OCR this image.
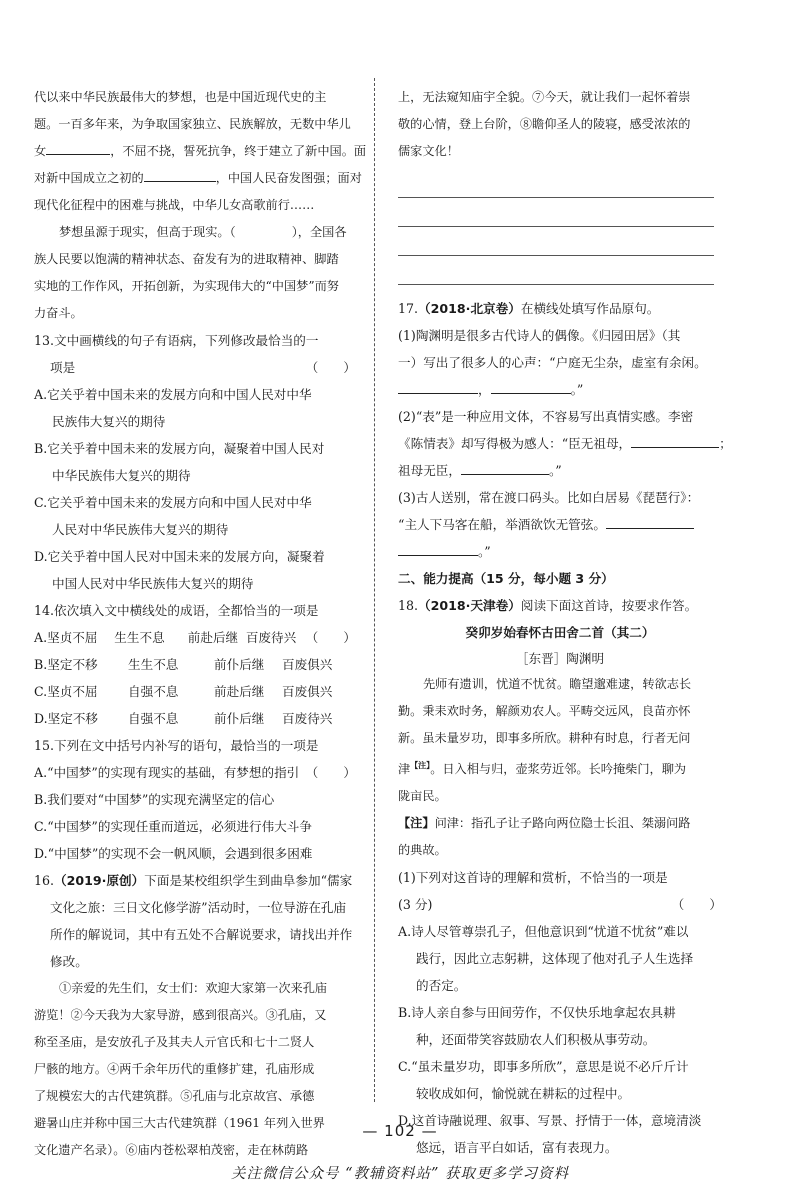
代以来中华民族最伟大的梦想，也是中国近现代史的主

题。一百多年来，为争取国家独立、民族解放，无数中华儿

女	，不屈不挠，誓死抗争，终于建立了新中国。面

对新中国成立之初的	，中国人民奋发图强；面对

现代化征程中的困难与挑战，中华儿女高歌前行……

梦想虽源于现实，但高于现实。（	），全国各

族人民要以饱满的精神状态、奋发有为的进取精神、脚踏

实地的工作作风，开拓创新，为实现伟大的“中国梦”而努

力奋斗。

13.文中画横线的句子有语病，下列修改最恰当的一

项是	（　　）

A.它关乎着中国未来的发展方向和中国人民对中华

民族伟大复兴的期待

B.它关乎着中国未来的发展方向，凝聚着中国人民对

中华民族伟大复兴的期待

C.它关乎着中国未来的发展方向和中国人民对中华

人民对中华民族伟大复兴的期待

D.它关乎着中国人民对中国未来的发展方向，凝聚着

中国人民对中华民族伟大复兴的期待

14.依次填入文中横线处的成语，全都恰当的一项是
（　　）

A.坚贞不屈	生生不息	前赴后继 百废待兴
B.坚定不移	生生不息	前仆后继	百废俱兴
C.坚贞不屈	自强不息	前赴后继	百废俱兴
D.坚定不移	自强不息	前仆后继	百废待兴

15.下列在文中括号内补写的语句，最恰当的一项是
（　　）

A.“中国梦”的实现有现实的基础，有梦想的指引

B.我们要对“中国梦”的实现充满坚定的信心

C.“中国梦”的实现任重而道远，必须进行伟大斗争

D.“中国梦”的实现不会一帆风顺，会遇到很多困难

16.（2019·原创）下面是某校组织学生到曲阜参加“儒家

文化之旅：三日文化修学游”活动时，一位导游在孔庙

所作的解说词，其中有五处不合解说要求，请找出并作

修改。

①亲爱的先生们，女士们：欢迎大家第一次来孔庙

游览！②今天我为大家导游，感到很高兴。③孔庙，又

称至圣庙，是安放孔子及其夫人亓官氏和七十二贤人

尸骸的地方。④两千余年历代的重修扩建，孔庙形成

了规模宏大的古代建筑群。⑤孔庙与北京故宫、承德

避暑山庄并称中国三大古代建筑群（1961 年列入世界

文化遗产名录）。⑥庙内苍松翠柏茂密，走在林荫路

上，无法窥知庙宇全貌。⑦今天，就让我们一起怀着崇

敬的心情，登上台阶，⑧瞻仰圣人的陵寝，感受浓浓的

儒家文化！

17.（2018·北京卷）在横线处填写作品原句。

(1)陶渊明是很多古代诗人的偶像。《归园田居》（其

一）写出了很多人的心声：“户庭无尘杂，虚室有余闲。

，	。”

(2)“表”是一种应用文体，不容易写出真情实感。李密

《陈情表》却写得极为感人：“臣无祖母，	；

祖母无臣，	。”

(3)古人送别，常在渡口码头。比如白居易《琵琶行》：

“主人下马客在船，举酒欲饮无管弦。

。”

二、能力提高（15 分，每小题 3 分）

18.（2018·天津卷）阅读下面这首诗，按要求作答。

癸卯岁始春怀古田舍二首（其二）

［东晋］陶渊明

先师有遗训，忧道不忧贫。瞻望邈难逮，转欲志长

勤。秉耒欢时务，解颜劝农人。平畴交远风，良苗亦怀

新。虽未量岁功，即事多所欣。耕种有时息，行者无问

津$^{【注】}$。日入相与归，壶浆劳近邻。长吟掩柴门，聊为

陇亩民。

【注】问津：指孔子让子路向两位隐士长沮、桀溺问路

的典故。

(1)下列对这首诗的理解和赏析，不恰当的一项是

(3 分)	（　　）

A.诗人尽管尊崇孔子，但他意识到“忧道不忧贫”难以

践行，因此立志躬耕，这体现了他对孔子人生选择

的否定。

B.诗人亲自参与田间劳作，不仅快乐地拿起农具耕

种，还面带笑容鼓励农人们积极从事劳动。

C.“虽未量岁功，即事多所欣”，意思是说不必斤斤计

较收成如何，愉悦就在耕耘的过程中。

D.这首诗融说理、叙事、写景、抒情于一体，意境清淡

悠远，语言平白如话，富有表现力。

— 102 —
关注微信公众号 “教辅资料站” 获取更多学习资料
